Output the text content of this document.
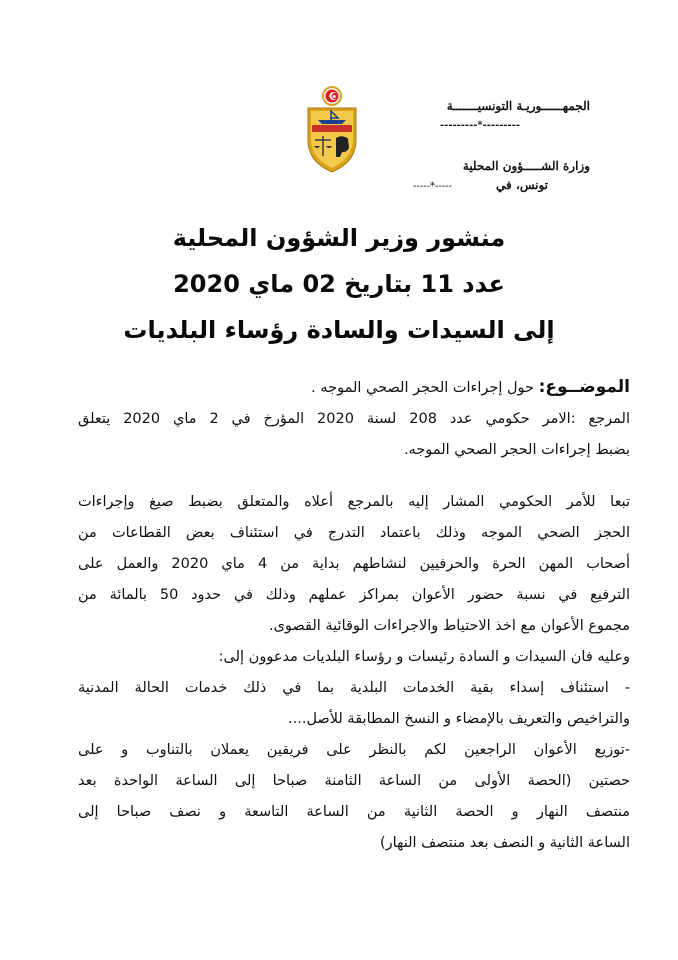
الجمهــــــوريـة التونسيـــــــة
---------*---------
وزارة الشـــــؤون المحلية
تونس، في -----*-----
منشور وزير الشؤون المحلية
عدد 11 بتاريخ 02 ماي 2020
إلى السيدات والسادة رؤساء البلديات
الموضــوع: حول إجراءات الحجر الصحي الموجه .
المرجع :الامر حكومي عدد 208 لسنة 2020 المؤرخ في 2 ماي 2020 يتعلق
بضبط إجراءات الحجر الصحي الموجه.
تبعا للأمر الحكومي المشار إليه بالمرجع أعلاه والمتعلق بضبط صيغ وإجراءات
الحجز الصحي الموجه وذلك باعتماد التدرج في استئناف بعض القطاعات من
أصحاب المهن الحرة والحرفيين لنشاطهم بداية من 4 ماي 2020 والعمل على
الترفيع في نسبة حضور الأعوان بمراكز عملهم وذلك في حدود 50 بالمائة من
مجموع الأعوان مع اخذ الاحتياط والاجراءات الوقائية القصوى.
وعليه فان السيدات و السادة رئيسات و رؤساء البلديات مدعوون إلى:
- استئناف إسداء بقية الخدمات البلدية بما في ذلك خدمات الحالة المدنية
والتراخيص والتعريف بالإمضاء و النسخ المطابقة للأصل....
-توزيع الأعوان الراجعين لكم بالنظر على فريقين يعملان بالتناوب و على
حصتين (الحصة الأولى من الساعة الثامنة صباحا إلى الساعة الواحدة بعد
منتصف النهار و الحصة الثانية من الساعة التاسعة و نصف صباحا إلى
الساعة الثانية و النصف بعد منتصف النهار)
